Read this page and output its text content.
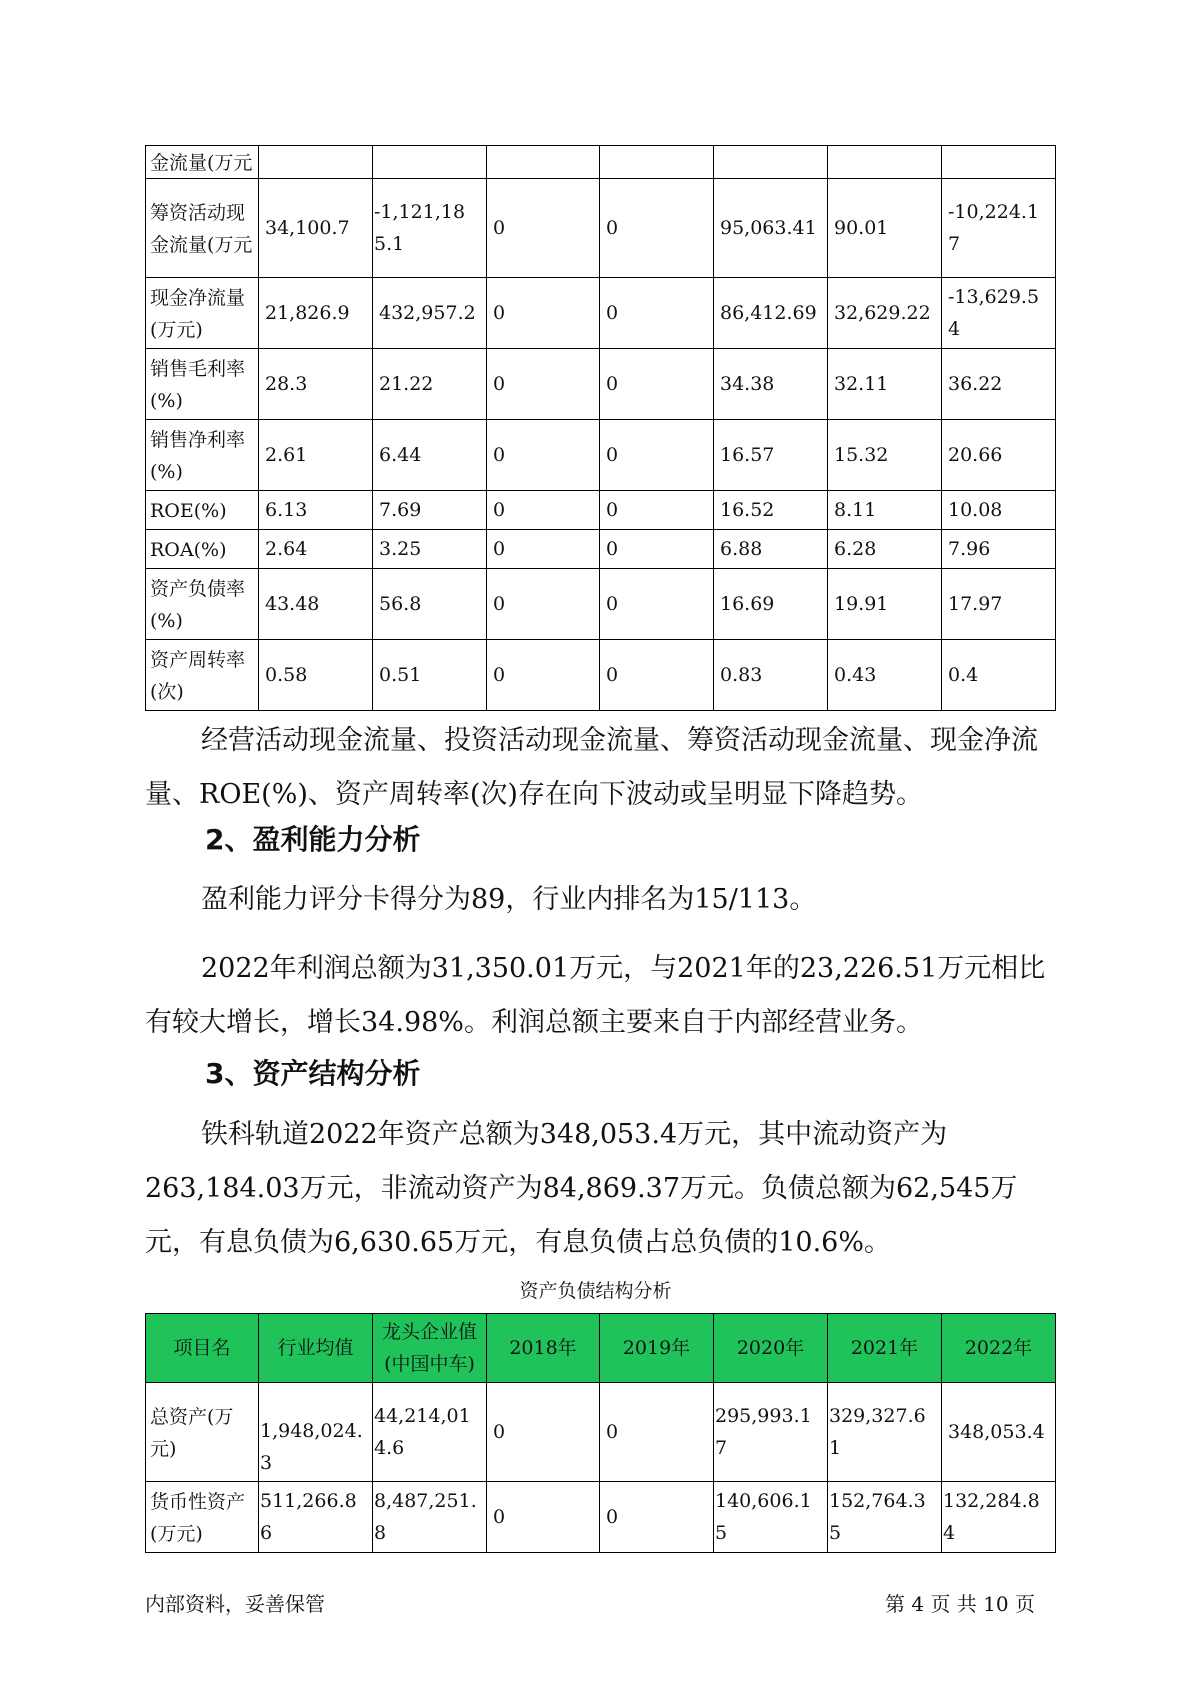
金流量(万元							
筹资活动现金流量(万元	34,100.7	-1,121,185.1	0	0	95,063.41	90.01	-10,224.17
现金净流量(万元)	21,826.9	432,957.2	0	0	86,412.69	32,629.22	-13,629.54
销售毛利率(%)	28.3	21.22	0	0	34.38	32.11	36.22
销售净利率(%)	2.61	6.44	0	0	16.57	15.32	20.66
ROE(%)	6.13	7.69	0	0	16.52	8.11	10.08
ROA(%)	2.64	3.25	0	0	6.88	6.28	7.96
资产负债率(%)	43.48	56.8	0	0	16.69	19.91	17.97
资产周转率(次)	0.58	0.51	0	0	0.83	0.43	0.4
经营活动现金流量、投资活动现金流量、筹资活动现金流量、现金净流量、ROE(%)、资产周转率(次)存在向下波动或呈明显下降趋势。
2、盈利能力分析
盈利能力评分卡得分为89，行业内排名为15/113。
2022年利润总额为31,350.01万元，与2021年的23,226.51万元相比有较大增长，增长34.98%。利润总额主要来自于内部经营业务。
3、资产结构分析
铁科轨道2022年资产总额为348,053.4万元，其中流动资产为263,184.03万元，非流动资产为84,869.37万元。负债总额为62,545万元，有息负债为6,630.65万元，有息负债占总负债的10.6%。
资产负债结构分析
项目名	行业均值	龙头企业值(中国中车)	2018年	2019年	2020年	2021年	2022年
总资产(万元)	1,948,024.3	44,214,014.6	0	0	295,993.17	329,327.61	348,053.4
货币性资产(万元)	511,266.86	8,487,251.8	0	0	140,606.15	152,764.35	132,284.84
内部资料，妥善保管	第 4 页 共 10 页
